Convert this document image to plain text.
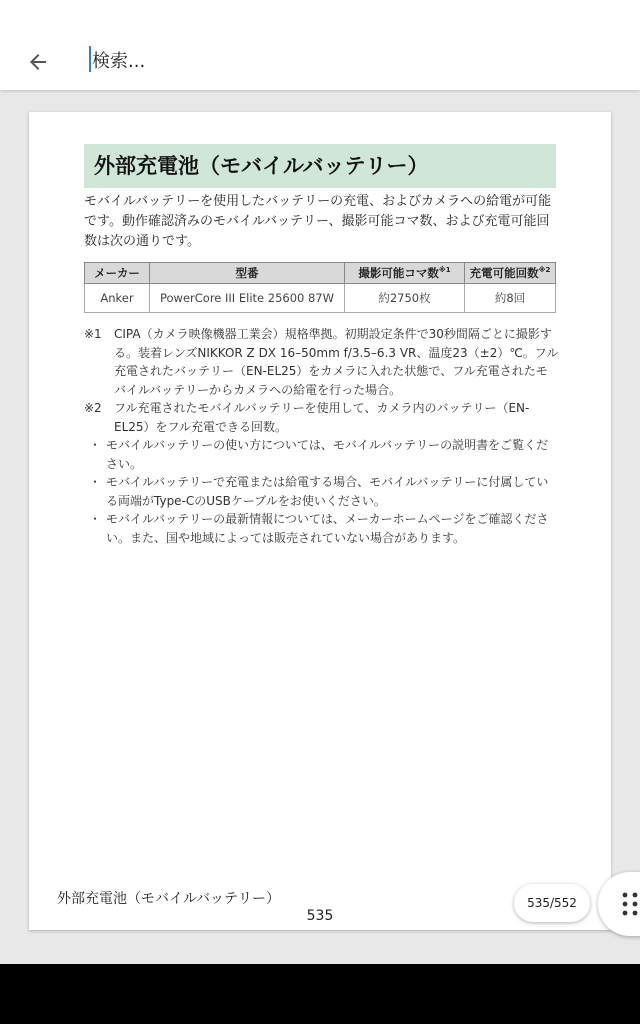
検索...
外部充電池（モバイルバッテリー）
モバイルバッテリーを使用したバッテリーの充電、およびカメラへの給電が可能です。動作確認済みのモバイルバッテリー、撮影可能コマ数、および充電可能回数は次の通りです。
メーカー	型番	撮影可能コマ数$^{※1}$	充電可能回数$^{※2}$
Anker	PowerCore III Elite 25600 87W	約2750枚	約8回
※1	CIPA（カメラ映像機器工業会）規格準拠。初期設定条件で30秒間隔ごとに撮影する。装着レンズNIKKOR Z DX 16–50mm f/3.5–6.3 VR、温度23（±2）℃。フル充電されたバッテリー（EN-EL25）をカメラに入れた状態で、フル充電されたモバイルバッテリーからカメラへの給電を行った場合。
※2	フル充電されたモバイルバッテリーを使用して、カメラ内のバッテリー（EN-EL25）をフル充電できる回数。
・ モバイルバッテリーの使い方については、モバイルバッテリーの説明書をご覧ください。
・ モバイルバッテリーで充電または給電する場合、モバイルバッテリーに付属している両端がType-CのUSBケーブルをお使いください。
・ モバイルバッテリーの最新情報については、メーカーホームページをご確認ください。また、国や地域によっては販売されていない場合があります。
外部充電池（モバイルバッテリー）
535
535/552
